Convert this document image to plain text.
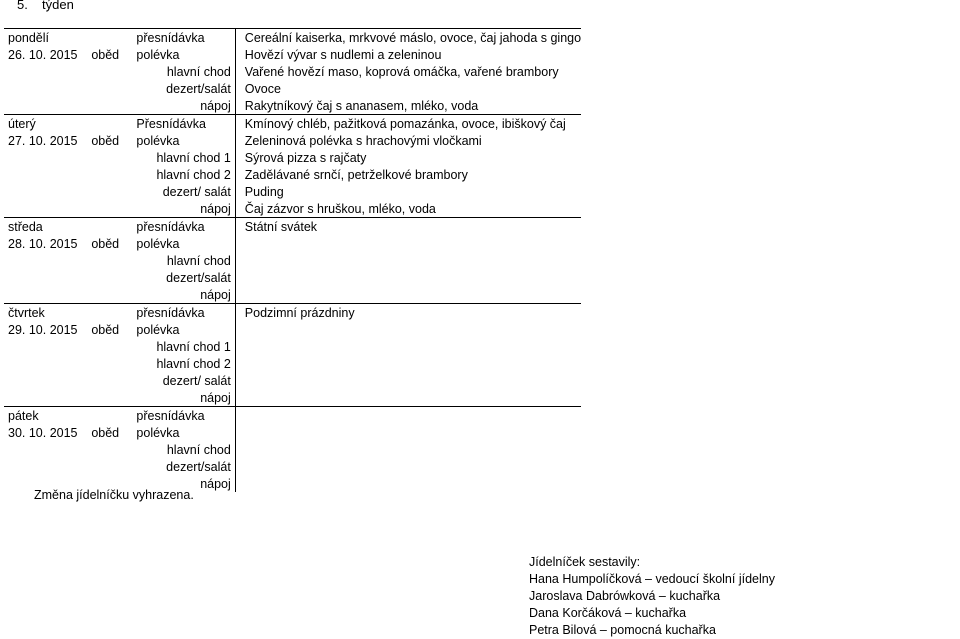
5. týden
pondělí		přesnídávka	Cereální kaiserka, mrkvové máslo, ovoce, čaj jahoda s gingo	
26. 10. 2015	oběd	polévka	Hovězí vývar s nudlemi a zeleninou	
		hlavní chod	Vařené hovězí maso, koprová omáčka, vařené brambory	
		dezert/salát	Ovoce	
		nápoj	Rakytníkový čaj s ananasem, mléko, voda	
úterý		Přesnídávka	Kmínový chléb, pažitková pomazánka, ovoce, ibiškový čaj	
27. 10. 2015	oběd	polévka	Zeleninová polévka s hrachovými vločkami	
		hlavní chod 1	Sýrová pizza s rajčaty	
		hlavní chod 2	Zadělávané srnčí, petrželkové brambory	
		dezert/ salát	Puding	
		nápoj	Čaj zázvor s hruškou, mléko, voda	
středa		přesnídávka	Státní svátek	
28. 10. 2015	oběd	polévka		
		hlavní chod		
		dezert/salát		
		nápoj		
čtvrtek		přesnídávka	Podzimní prázdniny	
29. 10. 2015	oběd	polévka		
		hlavní chod 1		
		hlavní chod 2		
		dezert/ salát		
		nápoj		
pátek		přesnídávka		
30. 10. 2015	oběd	polévka		
		hlavní chod		
		dezert/salát		
		nápoj		
Změna jídelníčku vyhrazena.
Jídelníček sestavily:
Hana Humpolíčková – vedoucí školní jídelny
Jaroslava Dabrówková – kuchařka
Dana Korčáková – kuchařka
Petra Bilová – pomocná kuchařka
